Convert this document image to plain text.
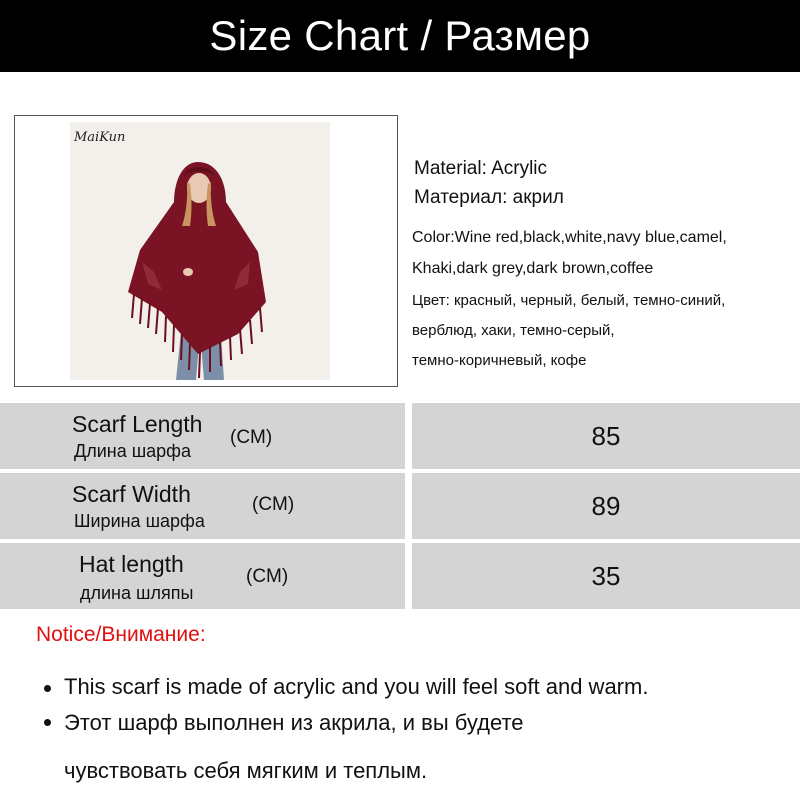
Size Chart / Размер
MaiKun
Material: Acrylic
Материал: акрил
Color:Wine red,black,white,navy blue,camel,
Khaki,dark grey,dark brown,coffee
Цвет: красный, черный, белый, темно-синий,
верблюд, хаки, темно-серый,
темно-коричневый, кофе
Scarf Length
Длина шарфа
(CM)	85
Scarf Width
Ширина шарфа
(CM)	89
Hat length
длина шляпы
(CM)	35
Notice/Внимание:
This scarf is made of acrylic and you will feel soft and warm.
Этот шарф выполнен из акрила, и вы будете
чувствовать себя мягким и теплым.
